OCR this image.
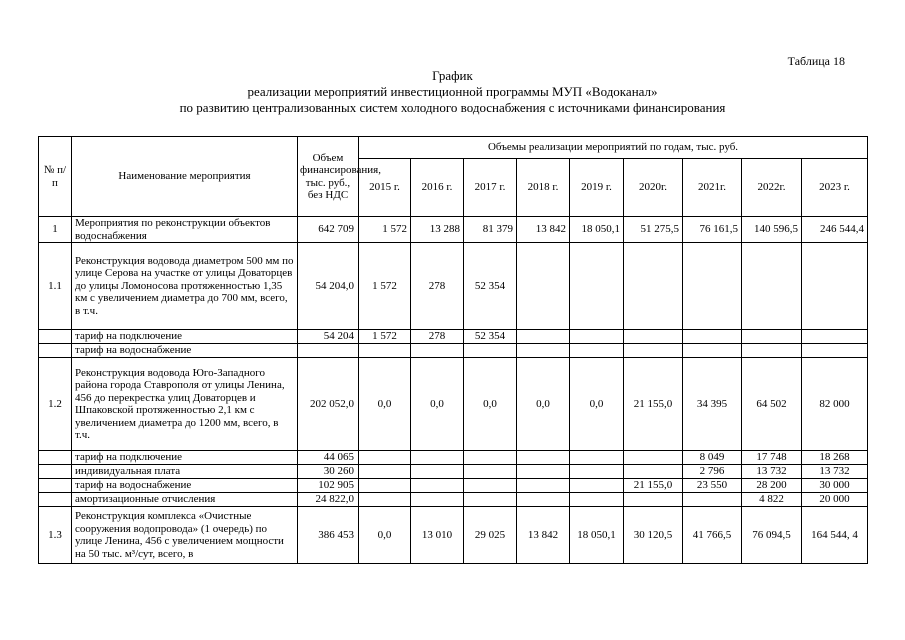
Таблица 18
График
реализации мероприятий инвестиционной программы МУП «Водоканал»
по развитию централизованных систем холодного водоснабжения с источниками финансирования
№ п/п	Наименование мероприятия	Объем финансирования, тыс. руб., без НДС	Объемы реализации мероприятий по годам, тыс. руб.								
			2015 г.	2016 г.	2017 г.	2018 г.	2019 г.	2020г.	2021г.	2022г.	2023 г.
1	Мероприятия по реконструкции объектов водоснабжения	642 709	1 572	13 288	81 379	13 842	18 050,1	51 275,5	76 161,5	140 596,5	246 544,4
1.1	Реконструкция водовода диаметром 500 мм по улице Серова на участке от улицы Доваторцев до улицы Ломоносова протяженностью 1,35 км с увеличением диаметра до 700 мм, всего, в т.ч.	54 204,0	1 572	278	52 354						
	тариф на подключение	54 204	1 572	278	52 354						
	тариф на водоснабжение										
1.2	Реконструкция водовода Юго-Западного района города Ставрополя от улицы Ленина, 456 до перекрестка улиц Доваторцев и Шпаковской протяженностью 2,1 км с увеличением диаметра до 1200 мм, всего, в т.ч.	202 052,0	0,0	0,0	0,0	0,0	0,0	21 155,0	34 395	64 502	82 000
	тариф на подключение	44 065							8 049	17 748	18 268
	индивидуальная плата	30 260							2 796	13 732	13 732
	тариф на водоснабжение	102 905						21 155,0	23 550	28 200	30 000
	амортизационные отчисления	24 822,0								4 822	20 000
1.3	Реконструкция комплекса «Очистные сооружения водопровода» (1 очередь) по улице Ленина, 456 с увеличением мощности на 50 тыс. м³/сут, всего, в	386 453	0,0	13 010	29 025	13 842	18 050,1	30 120,5	41 766,5	76 094,5	164 544, 4
